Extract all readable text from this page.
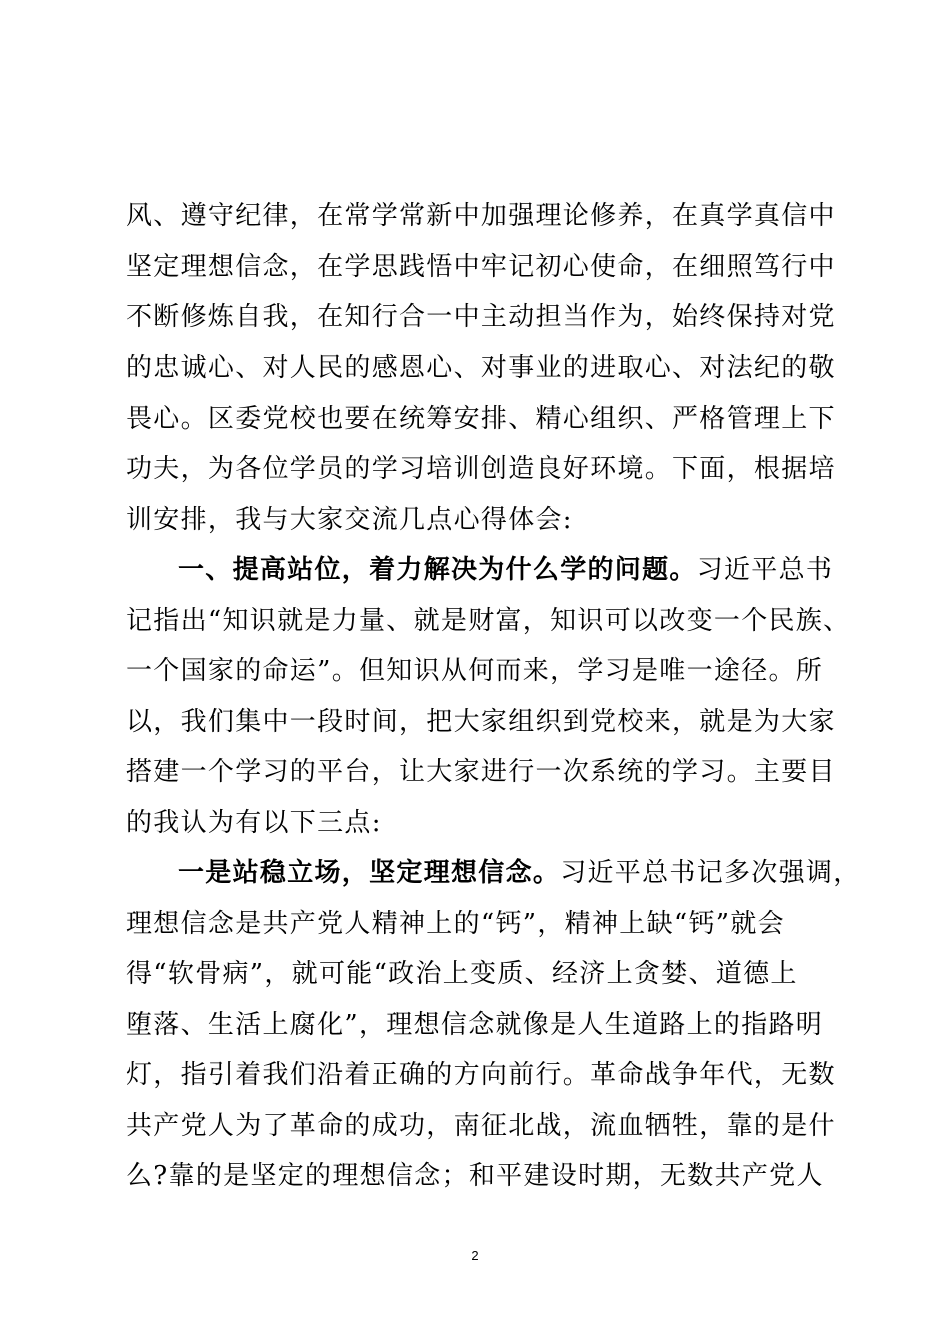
风、遵守纪律，在常学常新中加强理论修养，在真学真信中
坚定理想信念，在学思践悟中牢记初心使命，在细照笃行中
不断修炼自我，在知行合一中主动担当作为，始终保持对党
的忠诚心、对人民的感恩心、对事业的进取心、对法纪的敬
畏心。区委党校也要在统筹安排、精心组织、严格管理上下
功夫，为各位学员的学习培训创造良好环境。下面，根据培
训安排，我与大家交流几点心得体会:
一、提高站位，着力解决为什么学的问题。习近平总书
记指出“知识就是力量、就是财富，知识可以改变一个民族、
一个国家的命运”。但知识从何而来，学习是唯一途径。所
以，我们集中一段时间，把大家组织到党校来，就是为大家
搭建一个学习的平台，让大家进行一次系统的学习。主要目
的我认为有以下三点:
一是站稳立场，坚定理想信念。习近平总书记多次强调，
理想信念是共产党人精神上的“钙”，精神上缺“钙”就会
得“软骨病”，就可能“政治上变质、经济上贪婪、道德上
堕落、生活上腐化”，理想信念就像是人生道路上的指路明
灯，指引着我们沿着正确的方向前行。革命战争年代，无数
共产党人为了革命的成功，南征北战，流血牺牲，靠的是什
么?靠的是坚定的理想信念；和平建设时期，无数共产党人
2
